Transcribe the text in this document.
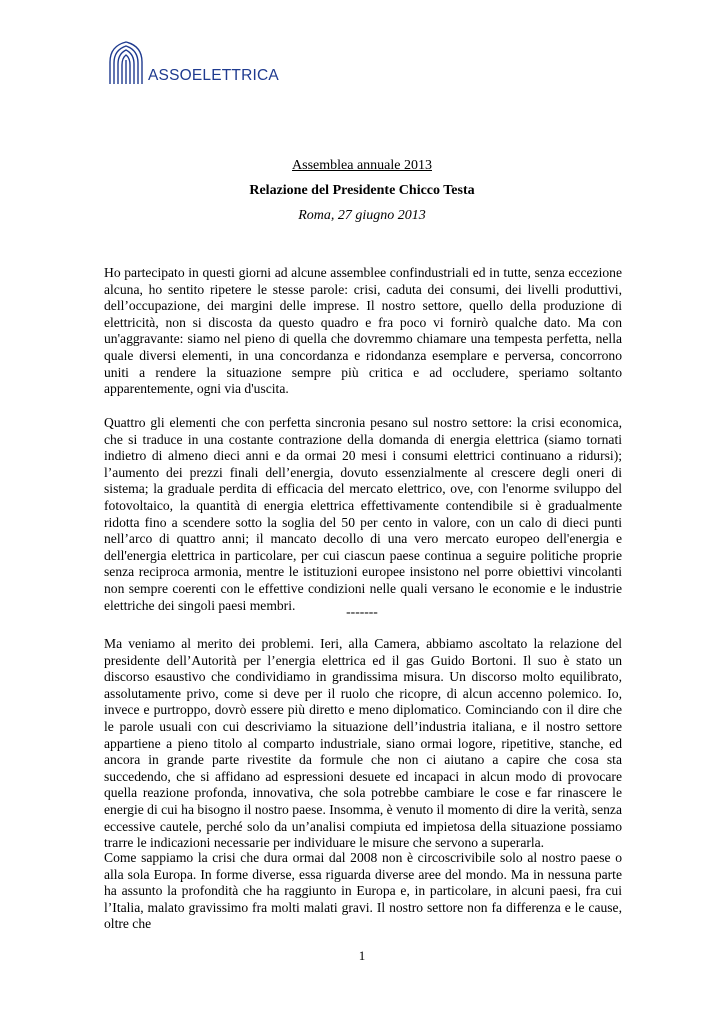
ASSOELETTRICA
Assemblea annuale 2013
Relazione del Presidente Chicco Testa
Roma, 27 giugno 2013

Ho partecipato in questi giorni ad alcune assemblee confindustriali ed in tutte, senza eccezione alcuna, ho sentito ripetere le stesse parole: crisi, caduta dei consumi, dei livelli produttivi, dell’occupazione, dei margini delle imprese. Il nostro settore, quello della produzione di elettricità, non si discosta da questo quadro e fra poco vi fornirò qualche dato. Ma con un'aggravante: siamo nel pieno di quella che dovremmo chiamare una tempesta perfetta, nella quale diversi elementi, in una concordanza e ridondanza esemplare e perversa, concorrono uniti a rendere la situazione sempre più critica e ad occludere, speriamo soltanto apparentemente, ogni via d'uscita.

Quattro gli elementi che con perfetta sincronia pesano sul nostro settore: la crisi economica, che si traduce in una costante contrazione della domanda di energia elettrica (siamo tornati indietro di almeno dieci anni e da ormai 20 mesi i consumi elettrici continuano a ridursi); l’aumento dei prezzi finali dell’energia, dovuto essenzialmente al crescere degli oneri di sistema; la graduale perdita di efficacia del mercato elettrico, ove, con l'enorme sviluppo del fotovoltaico, la quantità di energia elettrica effettivamente contendibile si è gradualmente ridotta fino a scendere sotto la soglia del 50 per cento in valore, con un calo di dieci punti nell’arco di quattro anni; il mancato decollo di una vero mercato europeo dell'energia e dell'energia elettrica in particolare, per cui ciascun paese continua a seguire politiche proprie senza reciproca armonia, mentre le istituzioni europee insistono nel porre obiettivi vincolanti non sempre coerenti con le effettive condizioni nelle quali versano le economie e le industrie elettriche dei singoli paesi membri.	-------

Ma veniamo al merito dei problemi. Ieri, alla Camera, abbiamo ascoltato la relazione del presidente dell’Autorità per l’energia elettrica ed il gas Guido Bortoni. Il suo è stato un discorso esaustivo che condividiamo in grandissima misura. Un discorso molto equilibrato, assolutamente privo, come si deve per il ruolo che ricopre, di alcun accenno polemico. Io, invece e purtroppo, dovrò essere più diretto e meno diplomatico. Cominciando con il dire che le parole usuali con cui descriviamo la situazione dell’industria italiana, e il nostro settore appartiene a pieno titolo al comparto industriale, siano ormai logore, ripetitive, stanche, ed ancora in grande parte rivestite da formule che non ci aiutano a capire che cosa sta succedendo, che si affidano ad espressioni desuete ed incapaci in alcun modo di provocare quella reazione profonda, innovativa, che sola potrebbe cambiare le cose e far rinascere le energie di cui ha bisogno il nostro paese. Insomma, è venuto il momento di dire la verità, senza eccessive cautele, perché solo da un’analisi compiuta ed impietosa della situazione possiamo trarre le indicazioni necessarie per individuare le misure che servono a superarla.

Come sappiamo la crisi che dura ormai dal 2008 non è circoscrivibile solo al nostro paese o alla sola Europa. In forme diverse, essa riguarda diverse aree del mondo. Ma in nessuna parte ha assunto la profondità che ha raggiunto in Europa e, in particolare, in alcuni paesi, fra cui l’Italia, malato gravissimo fra molti malati gravi. Il nostro settore non fa differenza e le cause, oltre che

1
